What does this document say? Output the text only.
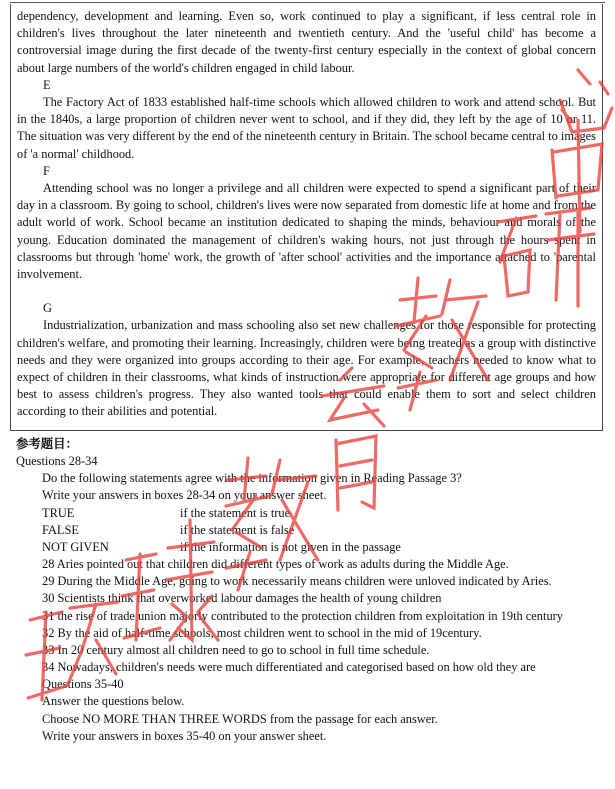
dependency, development and learning. Even so, work continued to play a significant, if less central role in children's lives throughout the later nineteenth and twentieth century. And the 'useful child' has become a controversial image during the first decade of the twenty-first century especially in the context of global concern about large numbers of the world's children engaged in child labour.

E

The Factory Act of 1833 established half-time schools which allowed children to work and attend school. But in the 1840s, a large proportion of children never went to school, and if they did, they left by the age of 10 or 11. The situation was very different by the end of the nineteenth century in Britain. The school became central to images of 'a normal' childhood.

F

Attending school was no longer a privilege and all children were expected to spend a significant part of their day in a classroom. By going to school, children's lives were now separated from domestic life at home and from the adult world of work. School became an institution dedicated to shaping the minds, behaviour and morals of the young. Education dominated the management of children's waking hours, not just through the hours spent in classrooms but through 'home' work, the growth of 'after school' activities and the importance attached to 'parental involvement.

G

Industrialization, urbanization and mass schooling also set new challenges for those responsible for protecting children's welfare, and promoting their learning. Increasingly, children were being treated as a group with distinctive needs and they were organized into groups according to their age. For example, teachers needed to know what to expect of children in their classrooms, what kinds of instruction were appropriate for different age groups and how best to assess children's progress. They also wanted tools that could enable them to sort and select children according to their abilities and potential.

参考题目：

Questions 28-34

Do the following statements agree with the information given in Reading Passage 3?

Write your answers in boxes 28-34 on your answer sheet.

TRUE	if the statement is true
FALSE	if the statement is false
NOT GIVEN	if the information is not given in the passage

28 Aries pointed out that children did different types of work as adults during the Middle Age.

29 During the Middle Age, going to work necessarily means children were unloved indicated by Aries.

30 Scientists think that overworked labour damages the health of young children

31 the rise of trade union majorly contributed to the protection children from exploitation in 19th century

32 By the aid of half-time schools, most children went to school in the mid of 19century.

33 In 20 century almost all children need to go to school in full time schedule.

34 Nowadays, children's needs were much differentiated and categorised based on how old they are

Questions 35-40

Answer the questions below.

Choose NO MORE THAN THREE WORDS from the passage for each answer.

Write your answers in boxes 35-40 on your answer sheet.

环球教育教研中心
